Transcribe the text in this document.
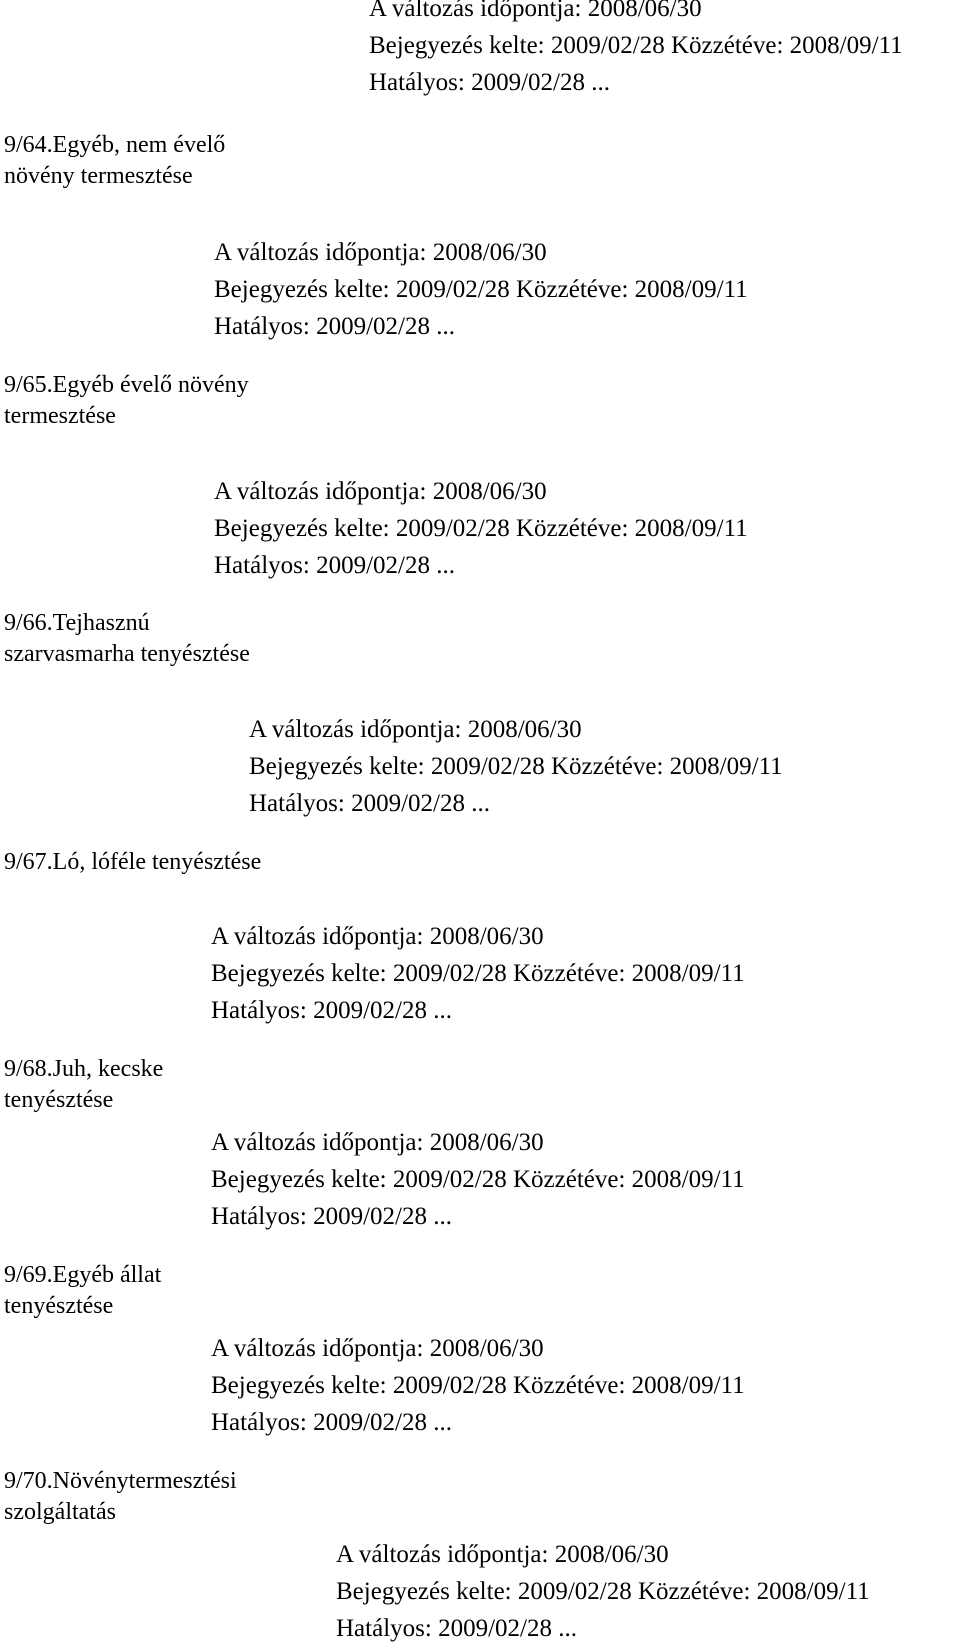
A változás időpontja: 2008/06/30
Bejegyezés kelte: 2009/02/28 Közzétéve: 2008/09/11
Hatályos: 2009/02/28 ...
9/64.Egyéb, nem évelő növény termesztése
A változás időpontja: 2008/06/30
Bejegyezés kelte: 2009/02/28 Közzétéve: 2008/09/11
Hatályos: 2009/02/28 ...
9/65.Egyéb évelő növény termesztése
A változás időpontja: 2008/06/30
Bejegyezés kelte: 2009/02/28 Közzétéve: 2008/09/11
Hatályos: 2009/02/28 ...
9/66.Tejhasznú szarvasmarha tenyésztése
A változás időpontja: 2008/06/30
Bejegyezés kelte: 2009/02/28 Közzétéve: 2008/09/11
Hatályos: 2009/02/28 ...
9/67.Ló, lóféle tenyésztése
A változás időpontja: 2008/06/30
Bejegyezés kelte: 2009/02/28 Közzétéve: 2008/09/11
Hatályos: 2009/02/28 ...
9/68.Juh, kecske tenyésztése
A változás időpontja: 2008/06/30
Bejegyezés kelte: 2009/02/28 Közzétéve: 2008/09/11
Hatályos: 2009/02/28 ...
9/69.Egyéb állat tenyésztése
A változás időpontja: 2008/06/30
Bejegyezés kelte: 2009/02/28 Közzétéve: 2008/09/11
Hatályos: 2009/02/28 ...
9/70.Növénytermesztési szolgáltatás
A változás időpontja: 2008/06/30
Bejegyezés kelte: 2009/02/28 Közzétéve: 2008/09/11
Hatályos: 2009/02/28 ...
